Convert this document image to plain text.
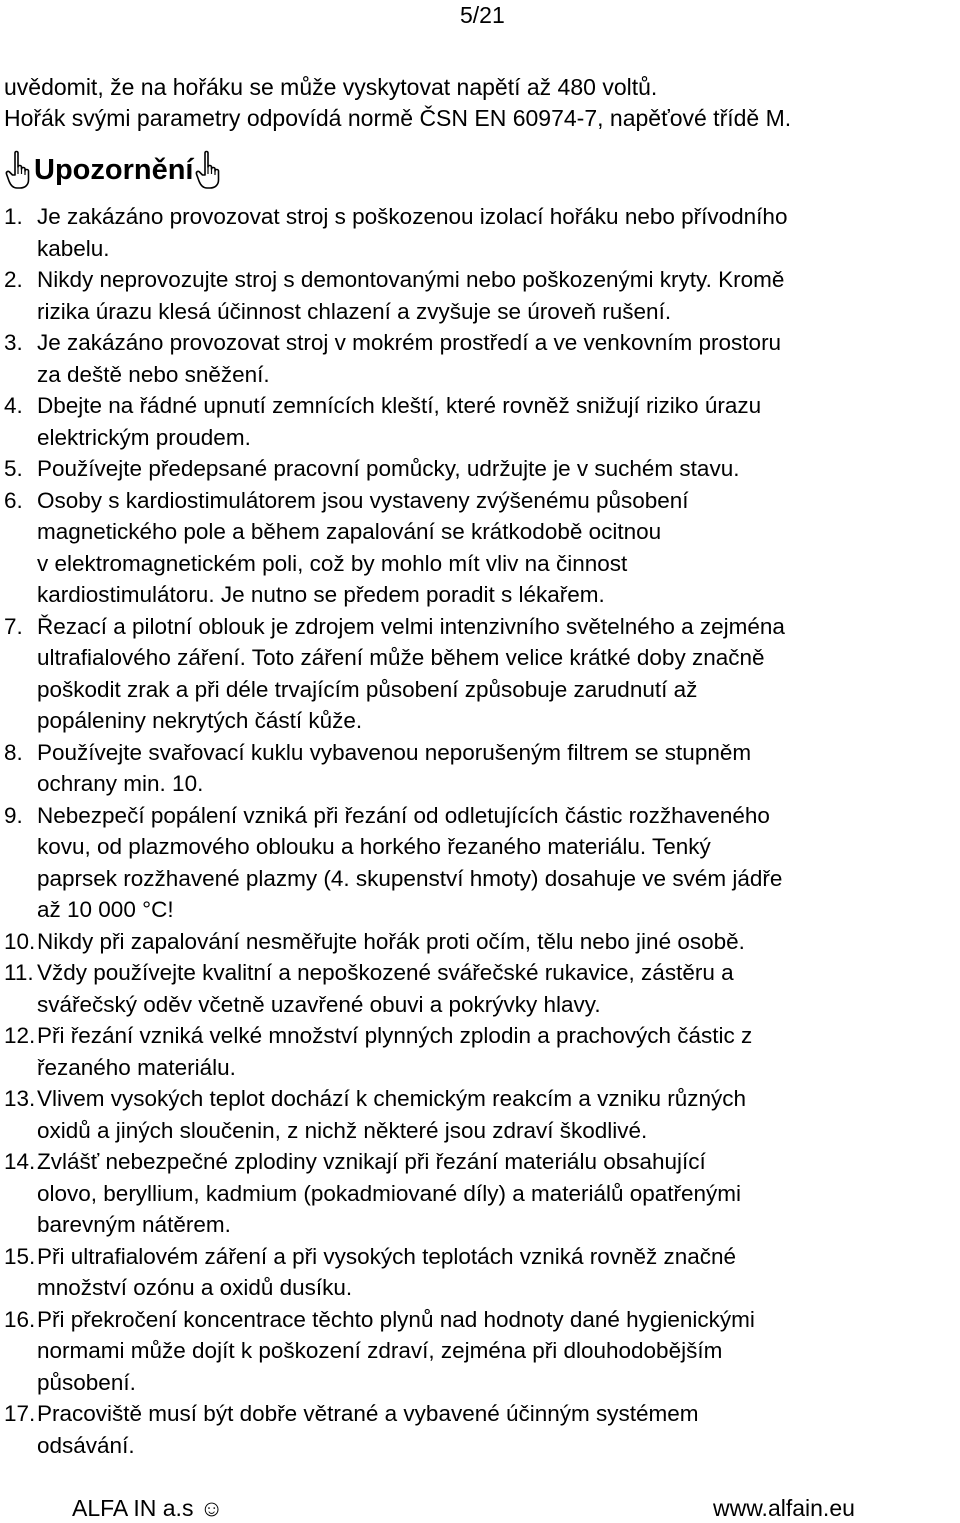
5/21
uvědomit, že na hořáku se může vyskytovat napětí až 480 voltů.
Hořák svými parametry odpovídá normě ČSN EN 60974-7, napěťové třídě M.
Upozornění
1. Je zakázáno provozovat stroj s poškozenou izolací hořáku nebo přívodního
kabelu.
2. Nikdy neprovozujte stroj s demontovanými nebo poškozenými kryty. Kromě
rizika úrazu klesá účinnost chlazení a zvyšuje se úroveň rušení.
3. Je zakázáno provozovat stroj v mokrém prostředí a ve venkovním prostoru
za deště nebo sněžení.
4. Dbejte na řádné upnutí zemnících kleští, které rovněž snižují riziko úrazu
elektrickým proudem.
5. Používejte předepsané pracovní pomůcky, udržujte je v suchém stavu.
6. Osoby s kardiostimulátorem jsou vystaveny zvýšenému působení
magnetického pole a během zapalování se krátkodobě ocitnou
v elektromagnetickém poli, což by mohlo mít vliv na činnost
kardiostimulátoru. Je nutno se předem poradit s lékařem.
7. Řezací a pilotní oblouk je zdrojem velmi intenzivního světelného a zejména
ultrafialového záření. Toto záření může během velice krátké doby značně
poškodit zrak a při déle trvajícím působení způsobuje zarudnutí až
popáleniny nekrytých částí kůže.
8. Používejte svařovací kuklu vybavenou neporušeným filtrem se stupněm
ochrany min. 10.
9. Nebezpečí popálení vzniká při řezání od odletujících částic rozžhaveného
kovu, od plazmového oblouku a horkého řezaného materiálu. Tenký
paprsek rozžhavené plazmy (4. skupenství hmoty) dosahuje ve svém jádře
až 10 000 °C!
10. Nikdy při zapalování nesměřujte hořák proti očím, tělu nebo jiné osobě.
11. Vždy používejte kvalitní a nepoškozené svářečské rukavice, zástěru a
svářečský oděv včetně uzavřené obuvi a pokrývky hlavy.
12. Při řezání vzniká velké množství plynných zplodin a prachových částic z
řezaného materiálu.
13. Vlivem vysokých teplot dochází k chemickým reakcím a vzniku různých
oxidů a jiných sloučenin, z nichž některé jsou zdraví škodlivé.
14. Zvlášť nebezpečné zplodiny vznikají při řezání materiálu obsahující
olovo, beryllium, kadmium (pokadmiované díly) a materiálů opatřenými
barevným nátěrem.
15. Při ultrafialovém záření a při vysokých teplotách vzniká rovněž značné
množství ozónu a oxidů dusíku.
16. Při překročení koncentrace těchto plynů nad hodnoty dané hygienickými
normami může dojít k poškození zdraví, zejména při dlouhodobějším
působení.
17. Pracoviště musí být dobře větrané a vybavené účinným systémem
odsávání.
ALFA IN a.s ☺	www.alfain.eu
